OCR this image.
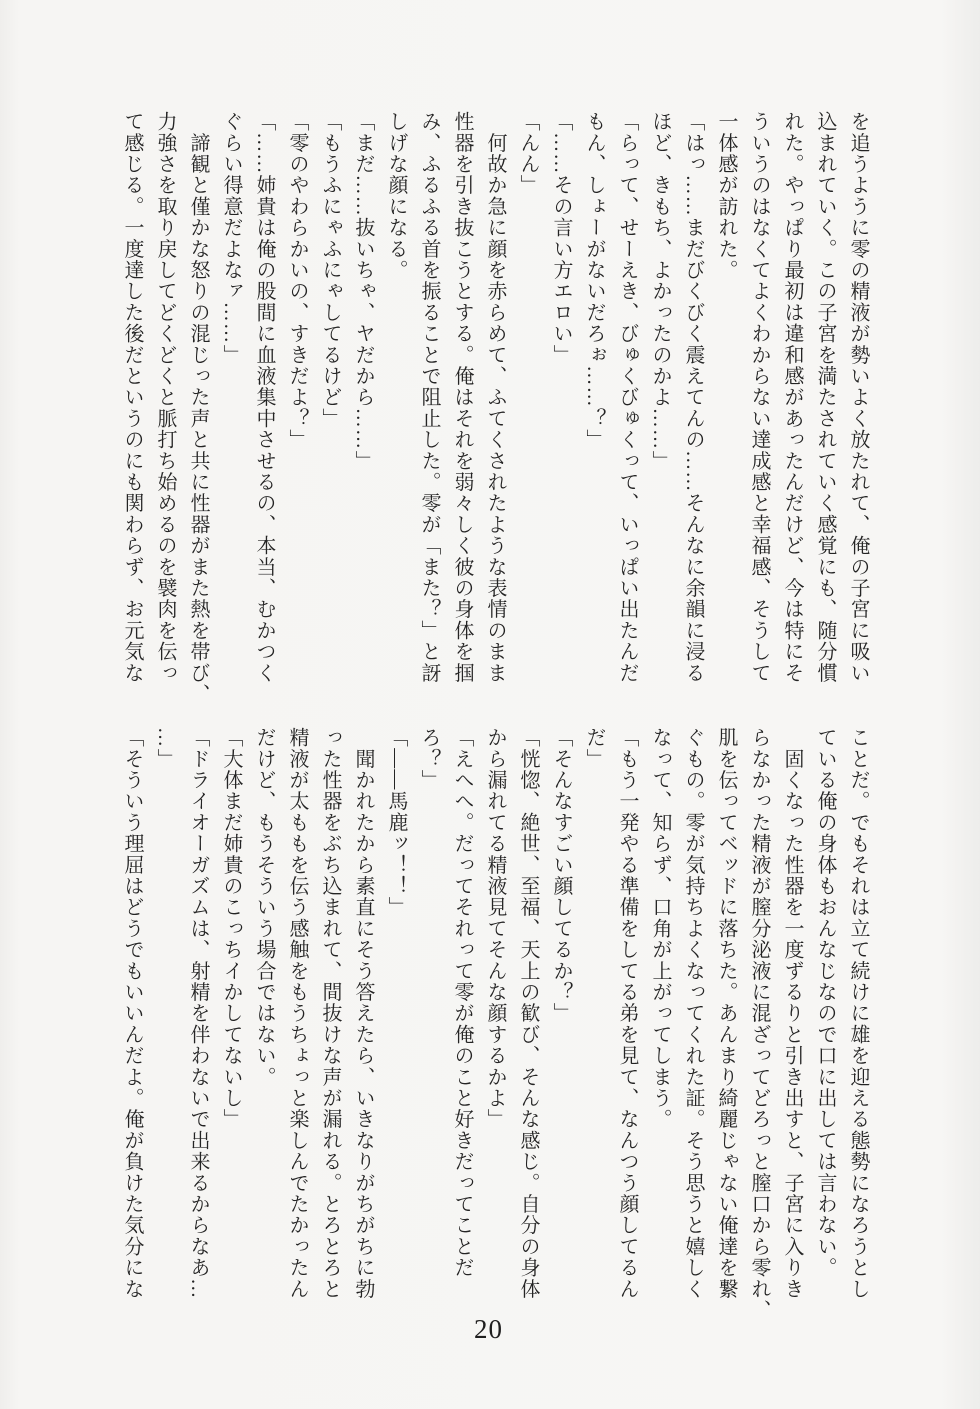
を追うように零の精液が勢いよく放たれて、俺の子宮に吸い

込まれていく。この子宮を満たされていく感覚にも、随分慣

れた。やっぱり最初は違和感があったんだけど、今は特にそ

ういうのはなくてよくわからない達成感と幸福感、そうして

一体感が訪れた。

「はっ……まだびくびく震えてんの……そんなに余韻に浸る

ほど、きもち、よかったのかよ……」

「らって、せーえき、びゅくびゅくって、いっぱい出たんだ

もん、しょーがないだろぉ……？」

「……その言い方エロい」

「んん」

　何故か急に顔を赤らめて、ふてくされたような表情のまま

性器を引き抜こうとする。俺はそれを弱々しく彼の身体を掴

み、ふるふる首を振ることで阻止した。零が「また？」と訝

しげな顔になる。

「まだ……抜いちゃ、ヤだから……」

「もうふにゃふにゃしてるけど」

「零のやわらかいの、すきだよ？」

「……姉貴は俺の股間に血液集中させるの、本当、むかつく

ぐらい得意だよなァ……」

　諦観と僅かな怒りの混じった声と共に性器がまた熱を帯び、

力強さを取り戻してどくどくと脈打ち始めるのを襞肉を伝っ

て感じる。一度達した後だというのにも関わらず、お元気な

ことだ。でもそれは立て続けに雄を迎える態勢になろうとし

ている俺の身体もおんなじなので口に出しては言わない。

　固くなった性器を一度ずるりと引き出すと、子宮に入りき

らなかった精液が膣分泌液に混ざってどろっと膣口から零れ、

肌を伝ってベッドに落ちた。あんまり綺麗じゃない俺達を繋

ぐもの。零が気持ちよくなってくれた証。そう思うと嬉しく

なって、知らず、口角が上がってしまう。

「もう一発やる準備をしてる弟を見て、なんつう顔してるん

だ」

「そんなすごい顔してるか？」

「恍惚、絶世、至福、天上の歓び、そんな感じ。自分の身体

から漏れてる精液見てそんな顔するかよ」

「えへへ。だってそれって零が俺のこと好きだってことだ

ろ？」

「——馬鹿ッ！！」

　聞かれたから素直にそう答えたら、いきなりがちがちに勃

った性器をぶち込まれて、間抜けな声が漏れる。とろとろと

精液が太ももを伝う感触をもうちょっと楽しんでたかったん

だけど、もうそういう場合ではない。

「大体まだ姉貴のこっちイかしてないし」

「ドライオーガズムは、射精を伴わないで出来るからなあ…

…」

「そういう理屈はどうでもいいんだよ。俺が負けた気分にな

20
